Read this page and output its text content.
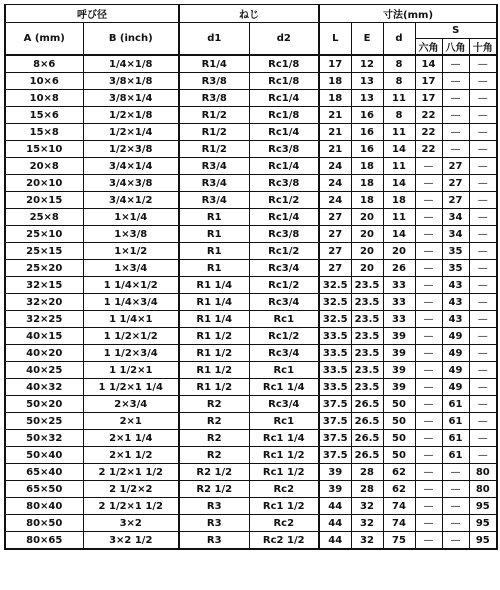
呼び径		ねじ		寸法(mm)					
A (mm)	B (inch)	d1	d2	L	E	d	S		
							六角	八角	十角
8×6	1/4×1/8	R1/4	Rc1/8	17	12	8	14	—	—
10×6	3/8×1/8	R3/8	Rc1/8	18	13	8	17	—	—
10×8	3/8×1/4	R3/8	Rc1/4	18	13	11	17	—	—
15×6	1/2×1/8	R1/2	Rc1/8	21	16	8	22	—	—
15×8	1/2×1/4	R1/2	Rc1/4	21	16	11	22	—	—
15×10	1/2×3/8	R1/2	Rc3/8	21	16	14	22	—	—
20×8	3/4×1/4	R3/4	Rc1/4	24	18	11	—	27	—
20×10	3/4×3/8	R3/4	Rc3/8	24	18	14	—	27	—
20×15	3/4×1/2	R3/4	Rc1/2	24	18	18	—	27	—
25×8	1×1/4	R1	Rc1/4	27	20	11	—	34	—
25×10	1×3/8	R1	Rc3/8	27	20	14	—	34	—
25×15	1×1/2	R1	Rc1/2	27	20	20	—	35	—
25×20	1×3/4	R1	Rc3/4	27	20	26	—	35	—
32×15	1 1/4×1/2	R1 1/4	Rc1/2	32.5	23.5	33	—	43	—
32×20	1 1/4×3/4	R1 1/4	Rc3/4	32.5	23.5	33	—	43	—
32×25	1 1/4×1	R1 1/4	Rc1	32.5	23.5	33	—	43	—
40×15	1 1/2×1/2	R1 1/2	Rc1/2	33.5	23.5	39	—	49	—
40×20	1 1/2×3/4	R1 1/2	Rc3/4	33.5	23.5	39	—	49	—
40×25	1 1/2×1	R1 1/2	Rc1	33.5	23.5	39	—	49	—
40×32	1 1/2×1 1/4	R1 1/2	Rc1 1/4	33.5	23.5	39	—	49	—
50×20	2×3/4	R2	Rc3/4	37.5	26.5	50	—	61	—
50×25	2×1	R2	Rc1	37.5	26.5	50	—	61	—
50×32	2×1 1/4	R2	Rc1 1/4	37.5	26.5	50	—	61	—
50×40	2×1 1/2	R2	Rc1 1/2	37.5	26.5	50	—	61	—
65×40	2 1/2×1 1/2	R2 1/2	Rc1 1/2	39	28	62	—	—	80
65×50	2 1/2×2	R2 1/2	Rc2	39	28	62	—	—	80
80×40	2 1/2×1 1/2	R3	Rc1 1/2	44	32	74	—	—	95
80×50	3×2	R3	Rc2	44	32	74	—	—	95
80×65	3×2 1/2	R3	Rc2 1/2	44	32	75	—	—	95
